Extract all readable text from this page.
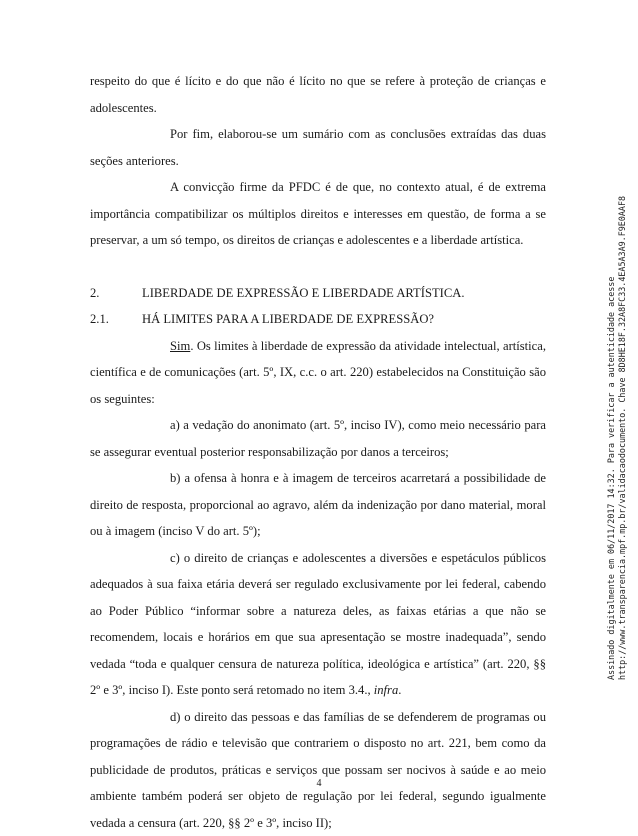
respeito do que é lícito e do que não é lícito no que se refere à proteção de crianças e adolescentes.

Por fim, elaborou-se um sumário com as conclusões extraídas das duas seções anteriores.

A convicção firme da PFDC é de que, no contexto atual, é de extrema importância compatibilizar os múltiplos direitos e interesses em questão, de forma a se preservar, a um só tempo, os direitos de crianças e adolescentes e a liberdade artística.

2.	LIBERDADE DE EXPRESSÃO E LIBERDADE ARTÍSTICA.

2.1.	HÁ LIMITES PARA A LIBERDADE DE EXPRESSÃO?

Sim. Os limites à liberdade de expressão da atividade intelectual, artística, científica e de comunicações (art. 5º, IX, c.c. o art. 220) estabelecidos na Constituição são os seguintes:

a) a vedação do anonimato (art. 5º, inciso IV), como meio necessário para se assegurar eventual posterior responsabilização por danos a terceiros;

b) a ofensa à honra e à imagem de terceiros acarretará a possibilidade de direito de resposta, proporcional ao agravo, além da indenização por dano material, moral ou à imagem (inciso V do art. 5º);

c) o direito de crianças e adolescentes a diversões e espetáculos públicos adequados à sua faixa etária deverá ser regulado exclusivamente por lei federal, cabendo ao Poder Público “informar sobre a natureza deles, as faixas etárias a que não se recomendem, locais e horários em que sua apresentação se mostre inadequada”, sendo vedada “toda e qualquer censura de natureza política, ideológica e artística” (art. 220, §§ 2º e 3º, inciso I). Este ponto será retomado no item 3.4., infra.

d) o direito das pessoas e das famílias de se defenderem de programas ou programações de rádio e televisão que contrariem o disposto no art. 221, bem como da publicidade de produtos, práticas e serviços que possam ser nocivos à saúde e ao meio ambiente também poderá ser objeto de regulação por lei federal, segundo igualmente vedada a censura (art. 220, §§ 2º e 3º, inciso II);

4
Assinado digitalmente em 06/11/2017 14:32. Para verificar a autenticidade acesse http://www.transparencia.mpf.mp.br/validacaodocumento. Chave 8D8HE18F.32A8FC33.4EA5A3A9.F9E0AAF8
